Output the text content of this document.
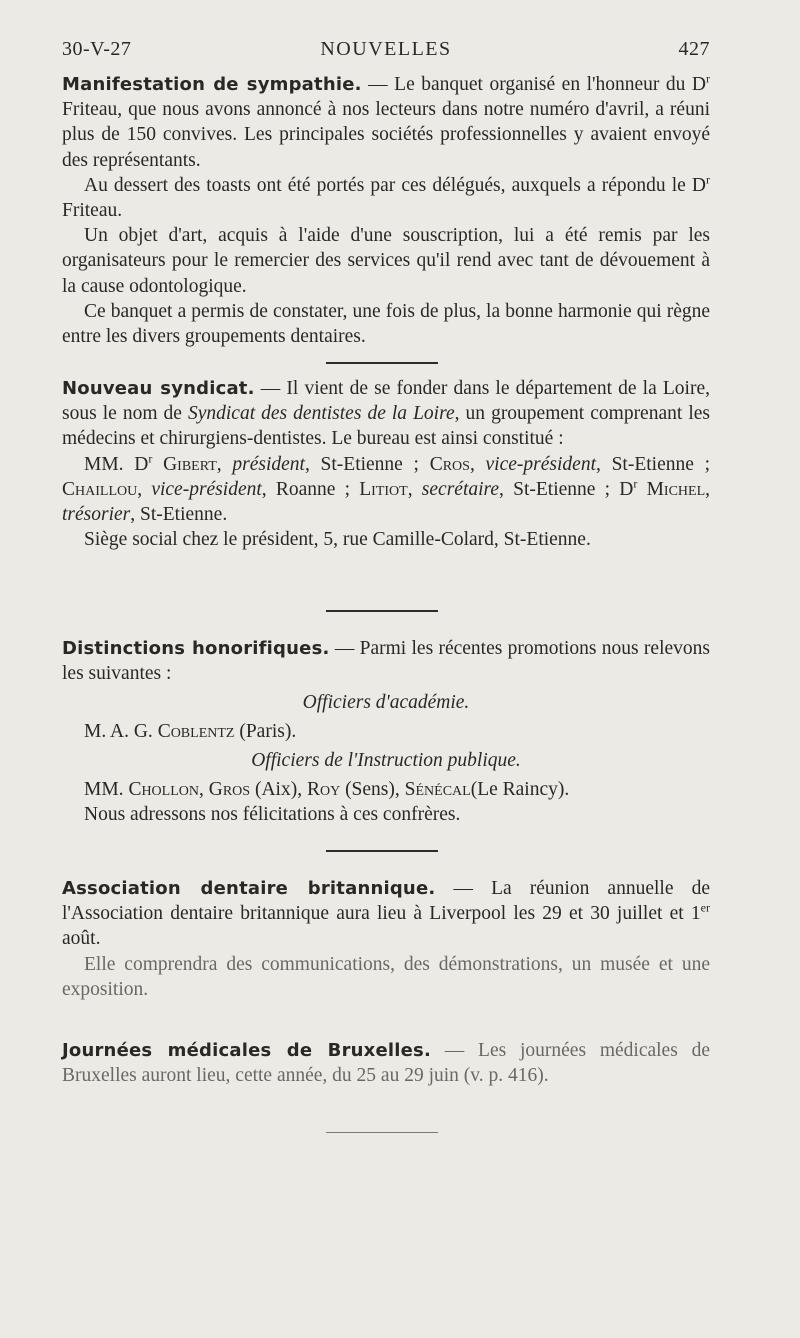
30-V-27	NOUVELLES	427

Manifestation de sympathie. — Le banquet organisé en l'honneur du $D^r$ Friteau, que nous avons annoncé à nos lecteurs dans notre numéro d'avril, a réuni plus de 150 convives. Les principales sociétés professionnelles y avaient envoyé des représentants.

Au dessert des toasts ont été portés par ces délégués, auxquels a répondu le $D^r$ Friteau.

Un objet d'art, acquis à l'aide d'une souscription, lui a été remis par les organisateurs pour le remercier des services qu'il rend avec tant de dévouement à la cause odontologique.

Ce banquet a permis de constater, une fois de plus, la bonne harmonie qui règne entre les divers groupements dentaires.

Nouveau syndicat. — Il vient de se fonder dans le département de la Loire, sous le nom de Syndicat des dentistes de la Loire, un groupement comprenant les médecins et chirurgiens-dentistes. Le bureau est ainsi constitué :

MM. $D^r$ Gibert, président, St-Etienne ; Cros, vice-président, St-Etienne ; Chaillou, vice-président, Roanne ; Litiot, secrétaire, St-Etienne ; $D^r$ Michel, trésorier, St-Etienne.

Siège social chez le président, 5, rue Camille-Colard, St-Etienne.

Distinctions honorifiques. — Parmi les récentes promotions nous relevons les suivantes :

Officiers d'académie.

M. A. G. Coblentz (Paris).

Officiers de l'Instruction publique.

MM. Chollon, Gros (Aix), Roy (Sens), Sénécal(Le Raincy).

Nous adressons nos félicitations à ces confrères.

Association dentaire britannique. — La réunion annuelle de l'Association dentaire britannique aura lieu à Liverpool les 29 et 30 juillet et 1er août.

Elle comprendra des communications, des démonstrations, un musée et une exposition.

Journées médicales de Bruxelles. — Les journées médicales de Bruxelles auront lieu, cette année, du 25 au 29 juin (v. p. 416).
